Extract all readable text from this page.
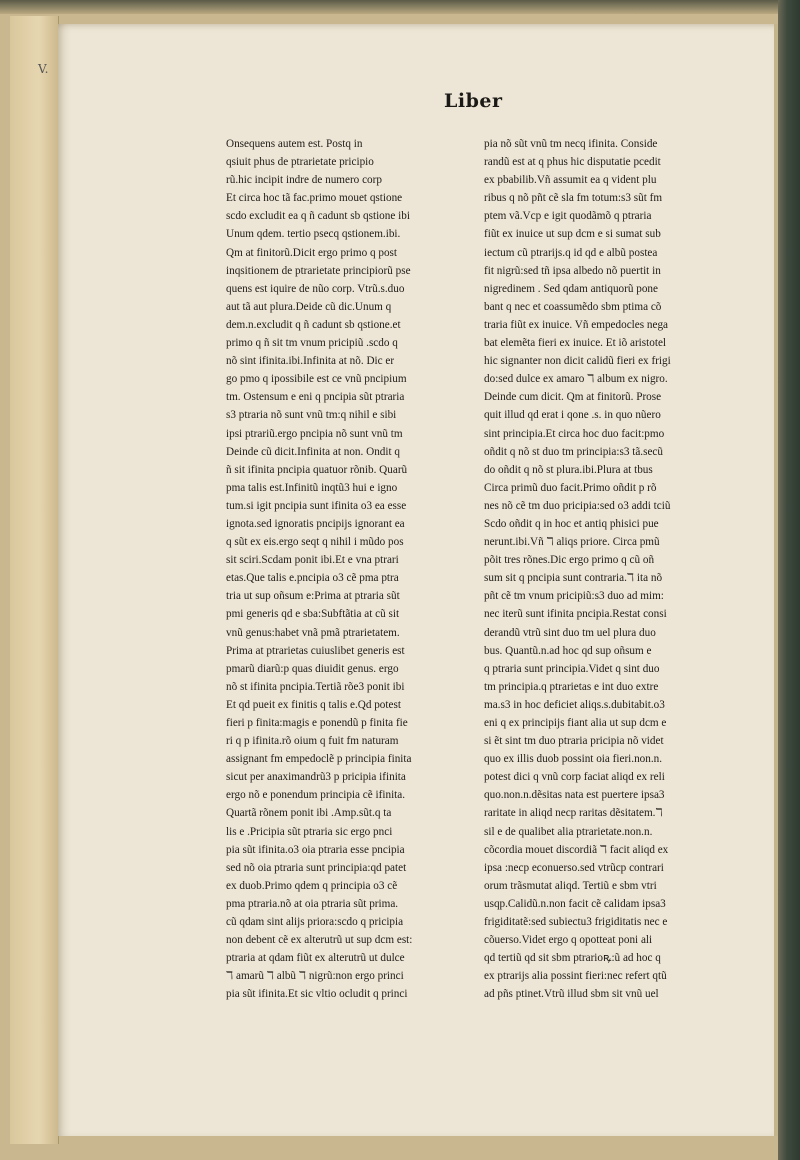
V.
Liber
Onsequens autem est. Postq in
qsiuit phus de ptrarietate pricipio
rũ.hic incipit indre de numero corp
Et circa hoc tã fac.primo mouet qstione
scdo excludit ea q ñ cadunt sb qstione ibi
Unum qdem. tertio psecq qstionem.ibi.
Qm at finitorũ.Dicit ergo primo q post
inqsitionem de ptrarietate principiorũ pse
quens est iquire de nũo corp. Vtrũ.s.duo
aut tã aut plura.Deide cũ dic.Unum q
dem.n.excludit q ñ cadunt sb qstione.et
primo q ñ sit tm vnum pricipiũ .scdo q
nõ sint ifinita.ibi.Infinita at nõ. Dic er
go pmo q ipossibile est ce vnũ pncipium
tm. Ostensum e eni q pncipia sũt ptraria
s3 ptraria nõ sunt vnũ tm:q nihil e sibi
ipsi ptrariũ.ergo pncipia nõ sunt vnũ tm
Deinde cũ dicit.Infinita at non. Ondit q
ñ sit ifinita pncipia quatuor rõnib. Quarũ
pma talis est.Infinitũ inqtũ3 hui e igno
tum.si igit pncipia sunt ifinita o3 ea esse
ignota.sed ignoratis pncipijs ignorant ea
q sũt ex eis.ergo seqt q nihil i mũdo pos
sit sciri.Scdam ponit ibi.Et e vna ptrari
etas.Que talis e.pncipia o3 cẽ pma ptra
tria ut sup oñsum e:Prima at ptraria sũt
pmi generis qd e sba:Subftãtia at cũ sit
vnũ genus:habet vnã pmã ptrarietatem.
Prima at ptrarietas cuiuslibet generis est
pmarũ diarũ:p quas diuidit genus. ergo
nõ st ifinita pncipia.Tertiã rõe3 ponit ibi
Et qd pueit ex finitis q talis e.Qd potest
fieri p finita:magis e ponendũ p finita fie
ri q p ifinita.rõ oium q fuit fm naturam
assignant fm empedoclẽ p principia finita
sicut per anaximandrũ3 p pricipia ifinita
ergo nõ e ponendum principia cẽ ifinita.
Quartã rõnem ponit ibi .Amp.sũt.q ta
lis e .Pricipia sũt ptraria sic ergo pnci
pia sũt ifinita.o3 oia ptraria esse pncipia
sed nõ oia ptraria sunt principia:qd patet
ex duob.Primo qdem q principia o3 cẽ
pma ptraria.nõ at oia ptraria sũt prima.
cũ qdam sint alijs priora:scdo q pricipia
non debent cẽ ex alterutrũ ut sup dcm est:
ptraria at qdam fiũt ex alterutrũ ut dulce
ℸ amarũ ℸ albũ ℸ nigrũ:non ergo princi
pia sũt ifinita.Et sic vltio ocludit q princi
pia nõ sũt vnũ tm necq ifinita. Conside
randũ est at q phus hic disputatie pcedit
ex pbabilib.Vñ assumit ea q vident plu
ribus q nõ pñt cẽ sla fm totum:s3 sũt fm
ptem vã.Vcp e igit quodãmõ q ptraria
fiũt ex inuice ut sup dcm e si sumat sub
iectum cũ ptrarijs.q id qd e albũ postea
fit nigrũ:sed tñ ipsa albedo nõ puertit in
nigredinem . Sed qdam antiquorũ pone
bant q nec et coassumẽdo sbm ptima cõ
traria fiũt ex inuice. Vñ empedocles nega
bat elemẽta fieri ex inuice. Et iõ aristotel
hic signanter non dicit calidũ fieri ex frigi
do:sed dulce ex amaro ℸ album ex nigro.
Deinde cum dicit. Qm at finitorũ. Prose
quit illud qd erat i qone .s. in quo nũero
sint principia.Et circa hoc duo facit:pmo
oñdit q nõ st duo tm principia:s3 tã.secũ
do oñdit q nõ st plura.ibi.Plura at tbus
Circa primũ duo facit.Primo oñdit p rõ
nes nõ cẽ tm duo pricipia:sed o3 addi tciũ
Scdo oñdit q in hoc et antiq phisici pue
nerunt.ibi.Vñ ℸ aliqs priore. Circa pmũ
põit tres rõnes.Dic ergo primo q cũ oñ
sum sit q pncipia sunt contraria.ℸ ita nõ
pñt cẽ tm vnum pricipiũ:s3 duo ad mim:
nec iterũ sunt ifinita pncipia.Restat consi
derandũ vtrũ sint duo tm uel plura duo
bus. Quantũ.n.ad hoc qd sup oñsum e
q ptraria sunt principia.Videt q sint duo
tm principia.q ptrarietas e int duo extre
ma.s3 in hoc deficiet aliqs.s.dubitabit.o3
eni q ex principijs fiant alia ut sup dcm e
si ẽt sint tm duo ptraria pricipia nõ videt
quo ex illis duob possint oia fieri.non.n.
potest dici q vnũ corp faciat aliqd ex reli
quo.non.n.dẽsitas nata est puertere ipsa3
raritate in aliqd necp raritas dẽsitatem.ℸ
sil e de qualibet alia ptrarietate.non.n.
cõcordia mouet discordiã ℸ facit aliqd ex
ipsa :necp econuerso.sed vtrũcp contrari
orum trãsmutat aliqd. Tertiũ e sbm vtri
usqp.Calidũ.n.non facit cẽ calidam ipsa3
frigiditatẽ:sed subiectu3 frigiditatis nec e
cõuerso.Videt ergo q opotteat poni ali
qd tertiũ qd sit sbm ptrarioꝶ:ũ ad hoc q
ex ptrarijs alia possint fieri:nec refert qtũ
ad pñs ptinet.Vtrũ illud sbm sit vnũ uel
